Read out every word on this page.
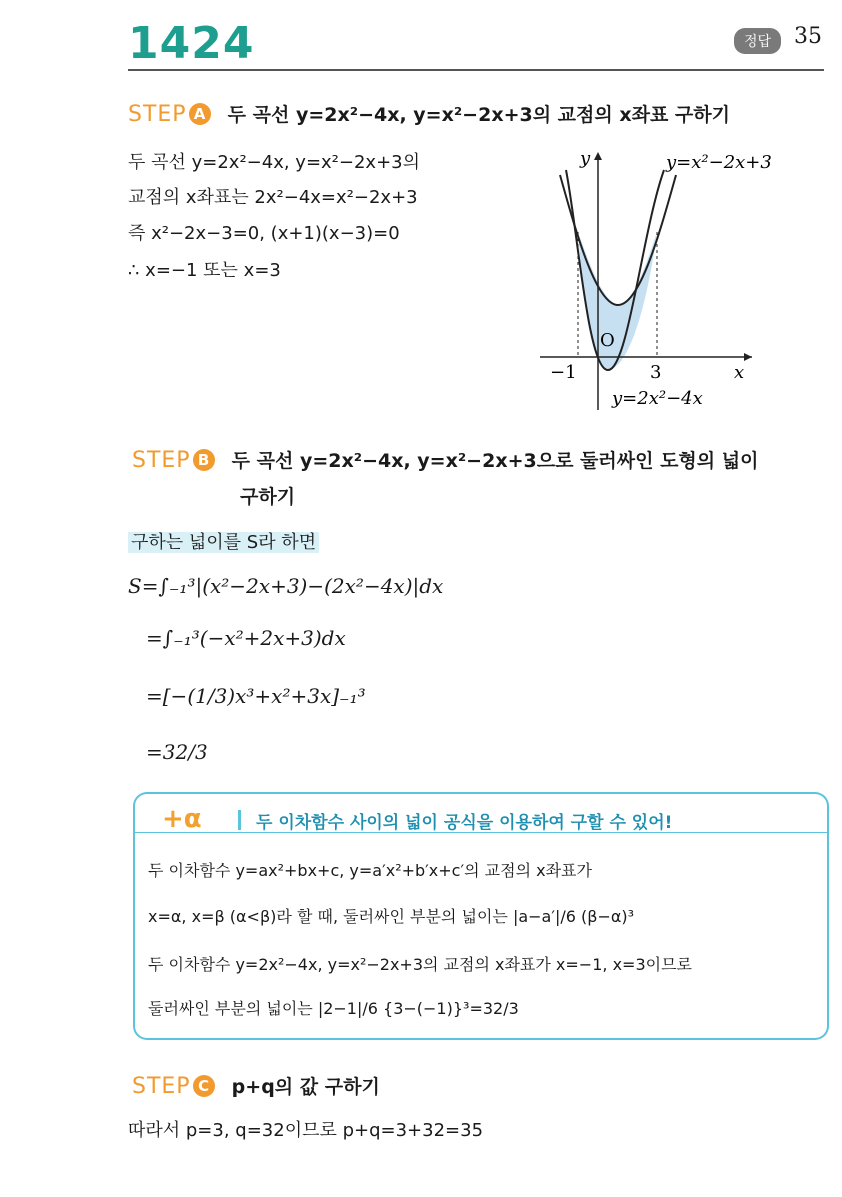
1424	정답	35
STEP A 두 곡선 y=2x²−4x, y=x²−2x+3의 교점의 x좌표 구하기
두 곡선 y=2x²−4x, y=x²−2x+3의
교점의 x좌표는 2x²−4x=x²−2x+3
즉 x²−2x−3=0, (x+1)(x−3)=0
∴ x=−1 또는 x=3
y
x
O
−1	3
y=x²−2x+3
y=2x²−4x
STEP B 두 곡선 y=2x²−4x, y=x²−2x+3으로 둘러싸인 도형의 넓이
구하기
구하는 넓이를 S라 하면
S=∫₋₁³|(x²−2x+3)−(2x²−4x)|dx
=∫₋₁³(−x²+2x+3)dx
=[−(1/3)x³+x²+3x]₋₁³
=32/3
+α	두 이차함수 사이의 넓이 공식을 이용하여 구할 수 있어!
두 이차함수 y=ax²+bx+c, y=a′x²+b′x+c′의 교점의 x좌표가
x=α, x=β (α<β)라 할 때, 둘러싸인 부분의 넓이는 |a−a′|/6 (β−α)³
두 이차함수 y=2x²−4x, y=x²−2x+3의 교점의 x좌표가 x=−1, x=3이므로
둘러싸인 부분의 넓이는 |2−1|/6 {3−(−1)}³=32/3
STEP C p+q의 값 구하기
따라서 p=3, q=32이므로 p+q=3+32=35
